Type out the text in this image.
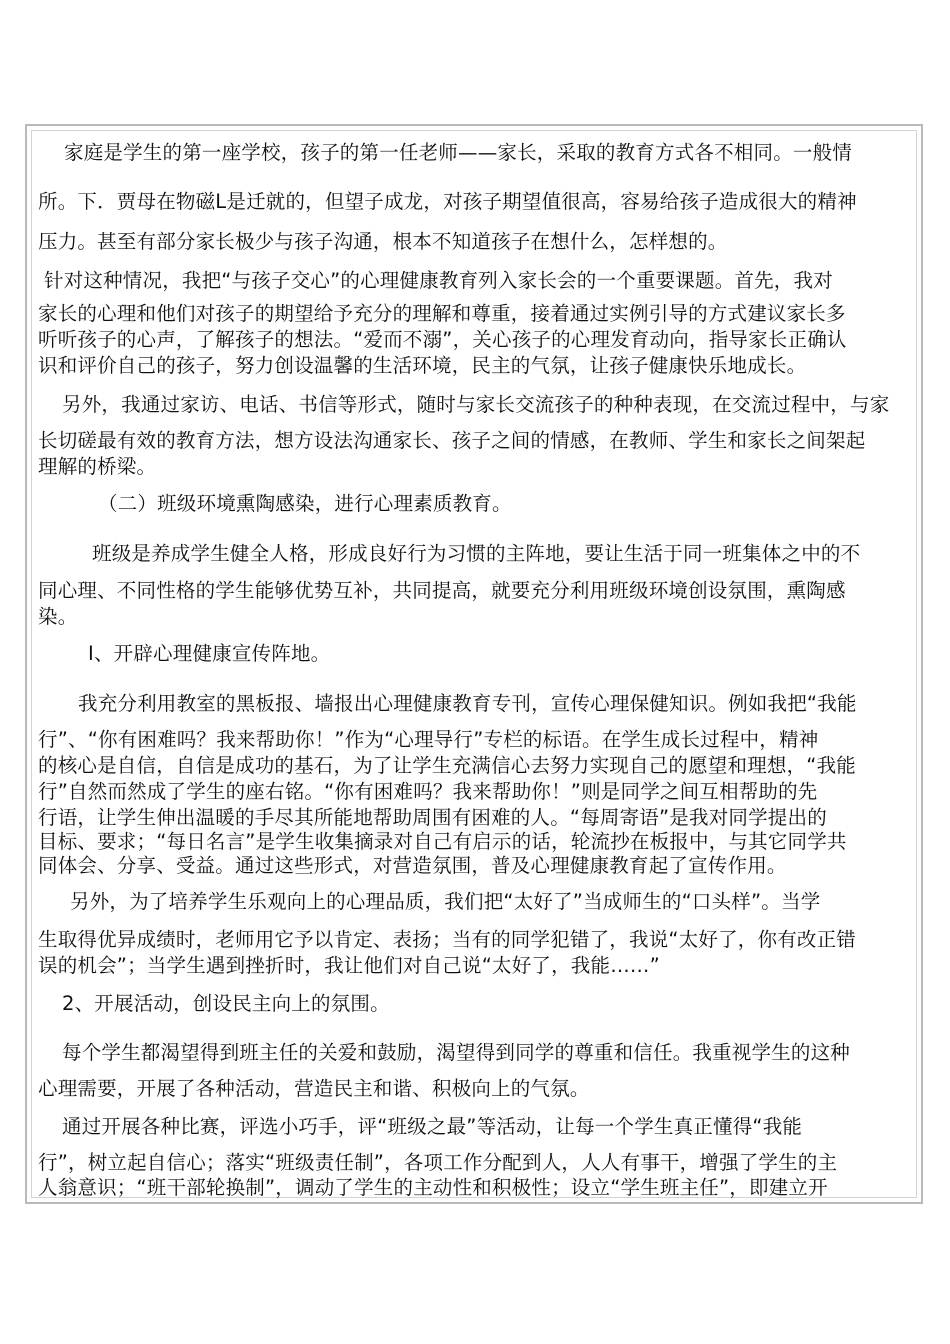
家庭是学生的第一座学校，孩子的第一任老师——家长，采取的教育方式各不相同。一般情
所。下．贾母在物磁L是迁就的，但望子成龙，对孩子期望值很高，容易给孩子造成很大的精神
压力。甚至有部分家长极少与孩子沟通，根本不知道孩子在想什么，怎样想的。
针对这种情况，我把“与孩子交心”的心理健康教育列入家长会的一个重要课题。首先，我对
家长的心理和他们对孩子的期望给予充分的理解和尊重，接着通过实例引导的方式建议家长多
听听孩子的心声，了解孩子的想法。“爱而不溺”，关心孩子的心理发育动向，指导家长正确认
识和评价自己的孩子，努力创设温馨的生活环境，民主的气氛，让孩子健康快乐地成长。
另外，我通过家访、电话、书信等形式，随时与家长交流孩子的种种表现，在交流过程中，与家
长切磋最有效的教育方法，想方设法沟通家长、孩子之间的情感，在教师、学生和家长之间架起
理解的桥梁。
（二）班级环境熏陶感染，进行心理素质教育。
班级是养成学生健全人格，形成良好行为习惯的主阵地，要让生活于同一班集体之中的不
同心理、不同性格的学生能够优势互补，共同提高，就要充分利用班级环境创设氛围，熏陶感
染。
I、开辟心理健康宣传阵地。
我充分利用教室的黑板报、墙报出心理健康教育专刊，宣传心理保健知识。例如我把“我能
行”、“你有困难吗？我来帮助你！”作为“心理导行”专栏的标语。在学生成长过程中，精神
的核心是自信，自信是成功的基石，为了让学生充满信心去努力实现自己的愿望和理想，“我能
行”自然而然成了学生的座右铭。“你有困难吗？我来帮助你！”则是同学之间互相帮助的先
行语，让学生伸出温暖的手尽其所能地帮助周围有困难的人。“每周寄语”是我对同学提出的
目标、要求；“每日名言”是学生收集摘录对自己有启示的话，轮流抄在板报中，与其它同学共
同体会、分享、受益。通过这些形式，对营造氛围，普及心理健康教育起了宣传作用。
另外，为了培养学生乐观向上的心理品质，我们把“太好了”当成师生的“口头样”。当学
生取得优异成绩时，老师用它予以肯定、表扬；当有的同学犯错了，我说“太好了，你有改正错
误的机会”；当学生遇到挫折时，我让他们对自己说“太好了，我能……”
2、开展活动，创设民主向上的氛围。
每个学生都渴望得到班主任的关爱和鼓励，渴望得到同学的尊重和信任。我重视学生的这种
心理需要，开展了各种活动，营造民主和谐、积极向上的气氛。
通过开展各种比赛，评选小巧手，评“班级之最”等活动，让每一个学生真正懂得“我能
行”，树立起自信心；落实“班级责任制”，各项工作分配到人，人人有事干，增强了学生的主
人翁意识；“班干部轮换制”，调动了学生的主动性和积极性；设立“学生班主任”，即建立开
